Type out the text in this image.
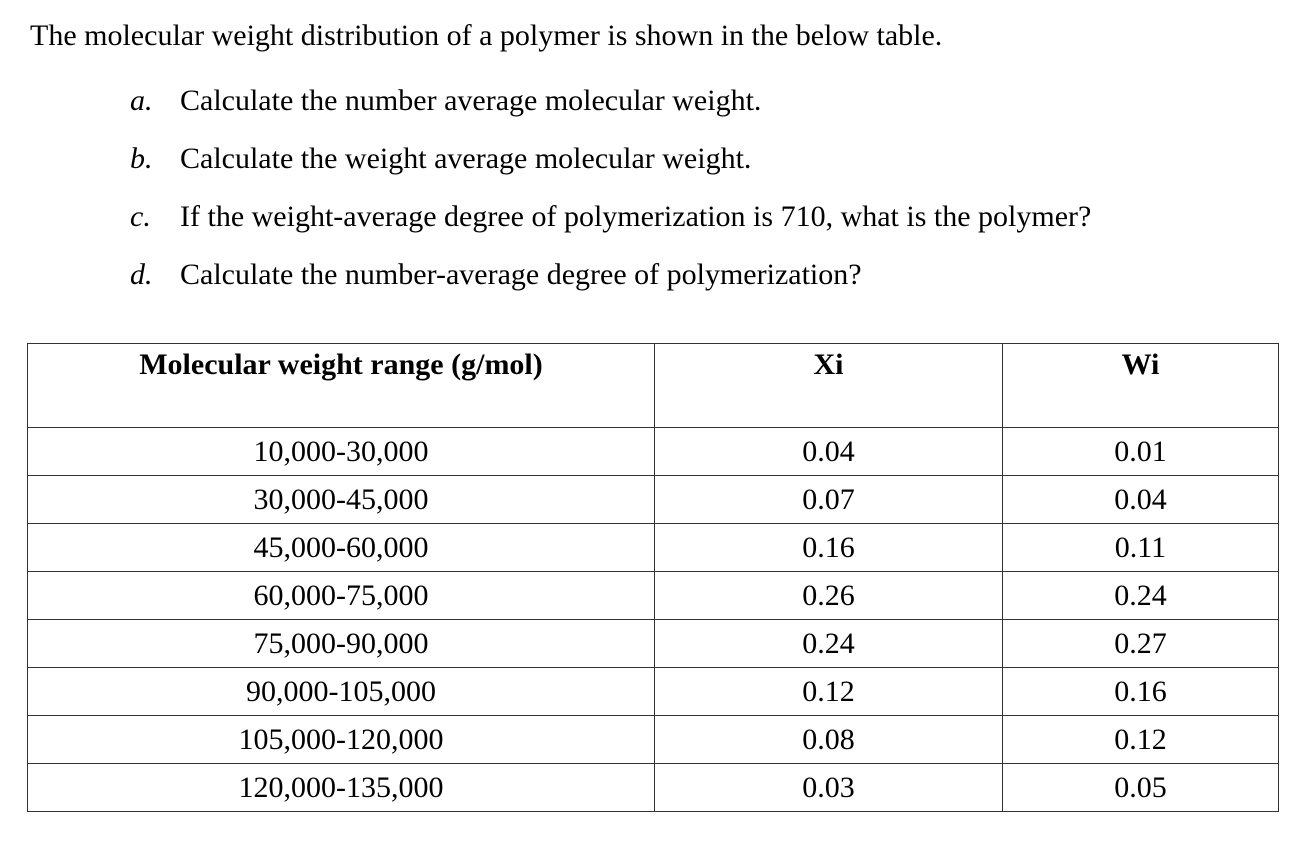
The molecular weight distribution of a polymer is shown in the below table.
a. Calculate the number average molecular weight.
b. Calculate the weight average molecular weight.
c. If the weight-average degree of polymerization is 710, what is the polymer?
d. Calculate the number-average degree of polymerization?
Molecular weight range (g/mol)	Xi	Wi
10,000-30,000	0.04	0.01
30,000-45,000	0.07	0.04
45,000-60,000	0.16	0.11
60,000-75,000	0.26	0.24
75,000-90,000	0.24	0.27
90,000-105,000	0.12	0.16
105,000-120,000	0.08	0.12
120,000-135,000	0.03	0.05
